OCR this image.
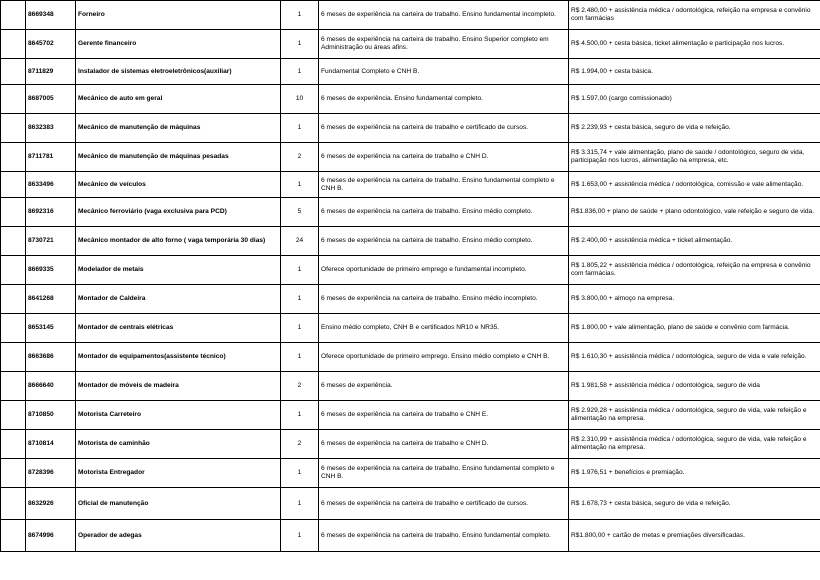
	8669348	Forneiro	1	6 meses de experiência na carteira de trabalho. Ensino fundamental incompleto.	R$ 2.480,00 + assistência médica / odontológica, refeição na empresa e convênio com farmácias
	8645702	Gerente financeiro	1	6 meses de experiência na carteira de trabalho. Ensino Superior completo em Administração ou áreas afins.	R$ 4.500,00 + cesta básica, ticket alimentação e participação nos lucros.
	8711829	Instalador de sistemas eletroeletrônicos(auxiliar)	1	Fundamental Completo e CNH B.	R$ 1.994,00 + cesta básica.
	8687005	Mecânico de auto em geral	10	6 meses de experiência. Ensino fundamental completo.	R$ 1.597,00 (cargo comissionado)
	8632383	Mecânico de manutenção de máquinas	1	6 meses de experiência na carteira de trabalho e certificado de cursos.	R$ 2.239,93 + cesta básica, seguro de vida e refeição.
	8711781	Mecânico de manutenção de máquinas pesadas	2	6 meses de experiência na carteira de trabalho e CNH D.	R$ 3.315,74 + vale alimentação, plano de saúde / odontológico, seguro de vida, participação nos lucros, alimentação na empresa, etc.
	8633496	Mecânico de veículos	1	6 meses de experiência na carteira de trabalho. Ensino fundamental completo e CNH B.	R$ 1.653,00 + assistência médica / odontológica, comissão e vale alimentação.
	8692316	Mecânico ferroviário (vaga exclusiva para PCD)	5	6 meses de experiência na carteira de trabalho. Ensino médio completo.	R$1.836,00 + plano de saúde + plano odontológico, vale refeição e seguro de vida.
	8730721	Mecânico montador de alto forno ( vaga temporária 30 dias)	24	6 meses de experiência na carteira de trabalho. Ensino médio completo.	R$ 2.400,00 + assistência médica + ticket alimentação.
	8669335	Modelador de metais	1	Oferece oportunidade de primeiro emprego e fundamental incompleto.	R$ 1.805,22 + assistência médica / odontológica, refeição na empresa e convênio com farmácias.
	8641268	Montador de Caldeira	1	6 meses de experiência na carteira de trabalho. Ensino médio incompleto.	R$ 3.800,00 + almoço na empresa.
	8653145	Montador de centrais elétricas	1	Ensino médio completo, CNH B e certificados NR10 e NR35.	R$ 1.800,00 + vale alimentação, plano de saúde e convênio com farmácia.
	8663686	Montador de equipamentos(assistente técnico)	1	Oferece oportunidade de primeiro emprego. Ensino médio completo e CNH B.	R$ 1.610,30 + assistência médica / odontológica, seguro de vida e vale refeição.
	8666640	Montador de móveis de madeira	2	6 meses de experiência.	R$ 1.981,58 + assistência médica / odontológica, seguro de vida
	8710850	Motorista Carreteiro	1	6 meses de experiência na carteira de trabalho e CNH E.	R$ 2.929,28 + assistência médica / odontológica, seguro de vida, vale refeição e alimentação na empresa.
	8710814	Motorista de caminhão	2	6 meses de experiência na carteira de trabalho e CNH D.	R$ 2.310,99 + assistência médica / odontológica, seguro de vida, vale refeição e alimentação na empresa.
	8728396	Motorista Entregador	1	6 meses de experiência na carteira de trabalho. Ensino fundamental completo e CNH B.	R$ 1.976,51 + benefícios e premiação.
	8632926	Oficial de manutenção	1	6 meses de experiência na carteira de trabalho e certificado de cursos.	R$ 1.678,73 + cesta básica, seguro de vida e refeição.
	8674996	Operador de adegas	1	6 meses de experiência na carteira de trabalho. Ensino fundamental completo.	R$1.800,00 + cartão de metas e premiações diversificadas.
